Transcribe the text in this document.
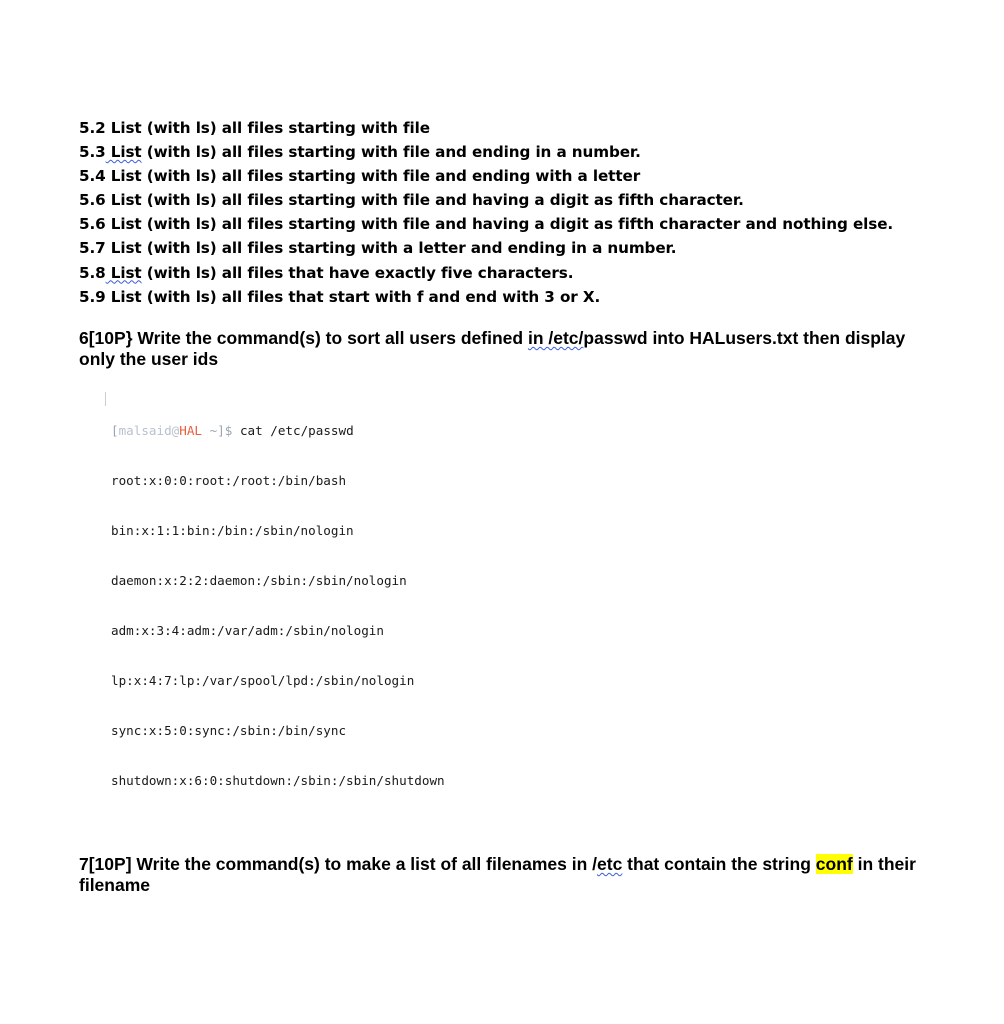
5.2 List (with ls) all files starting with file
5.3 List (with ls) all files starting with file and ending in a number.
5.4 List (with ls) all files starting with file and ending with a letter
5.6 List (with ls) all files starting with file and having a digit as fifth character.
5.6 List (with ls) all files starting with file and having a digit as fifth character and nothing else.
5.7 List (with ls) all files starting with a letter and ending in a number.
5.8 List (with ls) all files that have exactly five characters.
5.9 List (with ls) all files that start with f and end with 3 or X.

6[10P} Write the command(s) to sort all users defined in /etc/passwd into HALusers.txt then display only the user ids

[malsaid@HAL ~]$ cat /etc/passwd

root:x:0:0:root:/root:/bin/bash

bin:x:1:1:bin:/bin:/sbin/nologin

daemon:x:2:2:daemon:/sbin:/sbin/nologin

adm:x:3:4:adm:/var/adm:/sbin/nologin

lp:x:4:7:lp:/var/spool/lpd:/sbin/nologin

sync:x:5:0:sync:/sbin:/bin/sync

shutdown:x:6:0:shutdown:/sbin:/sbin/shutdown

7[10P] Write the command(s) to make a list of all filenames in /etc that contain the string conf in their filename
